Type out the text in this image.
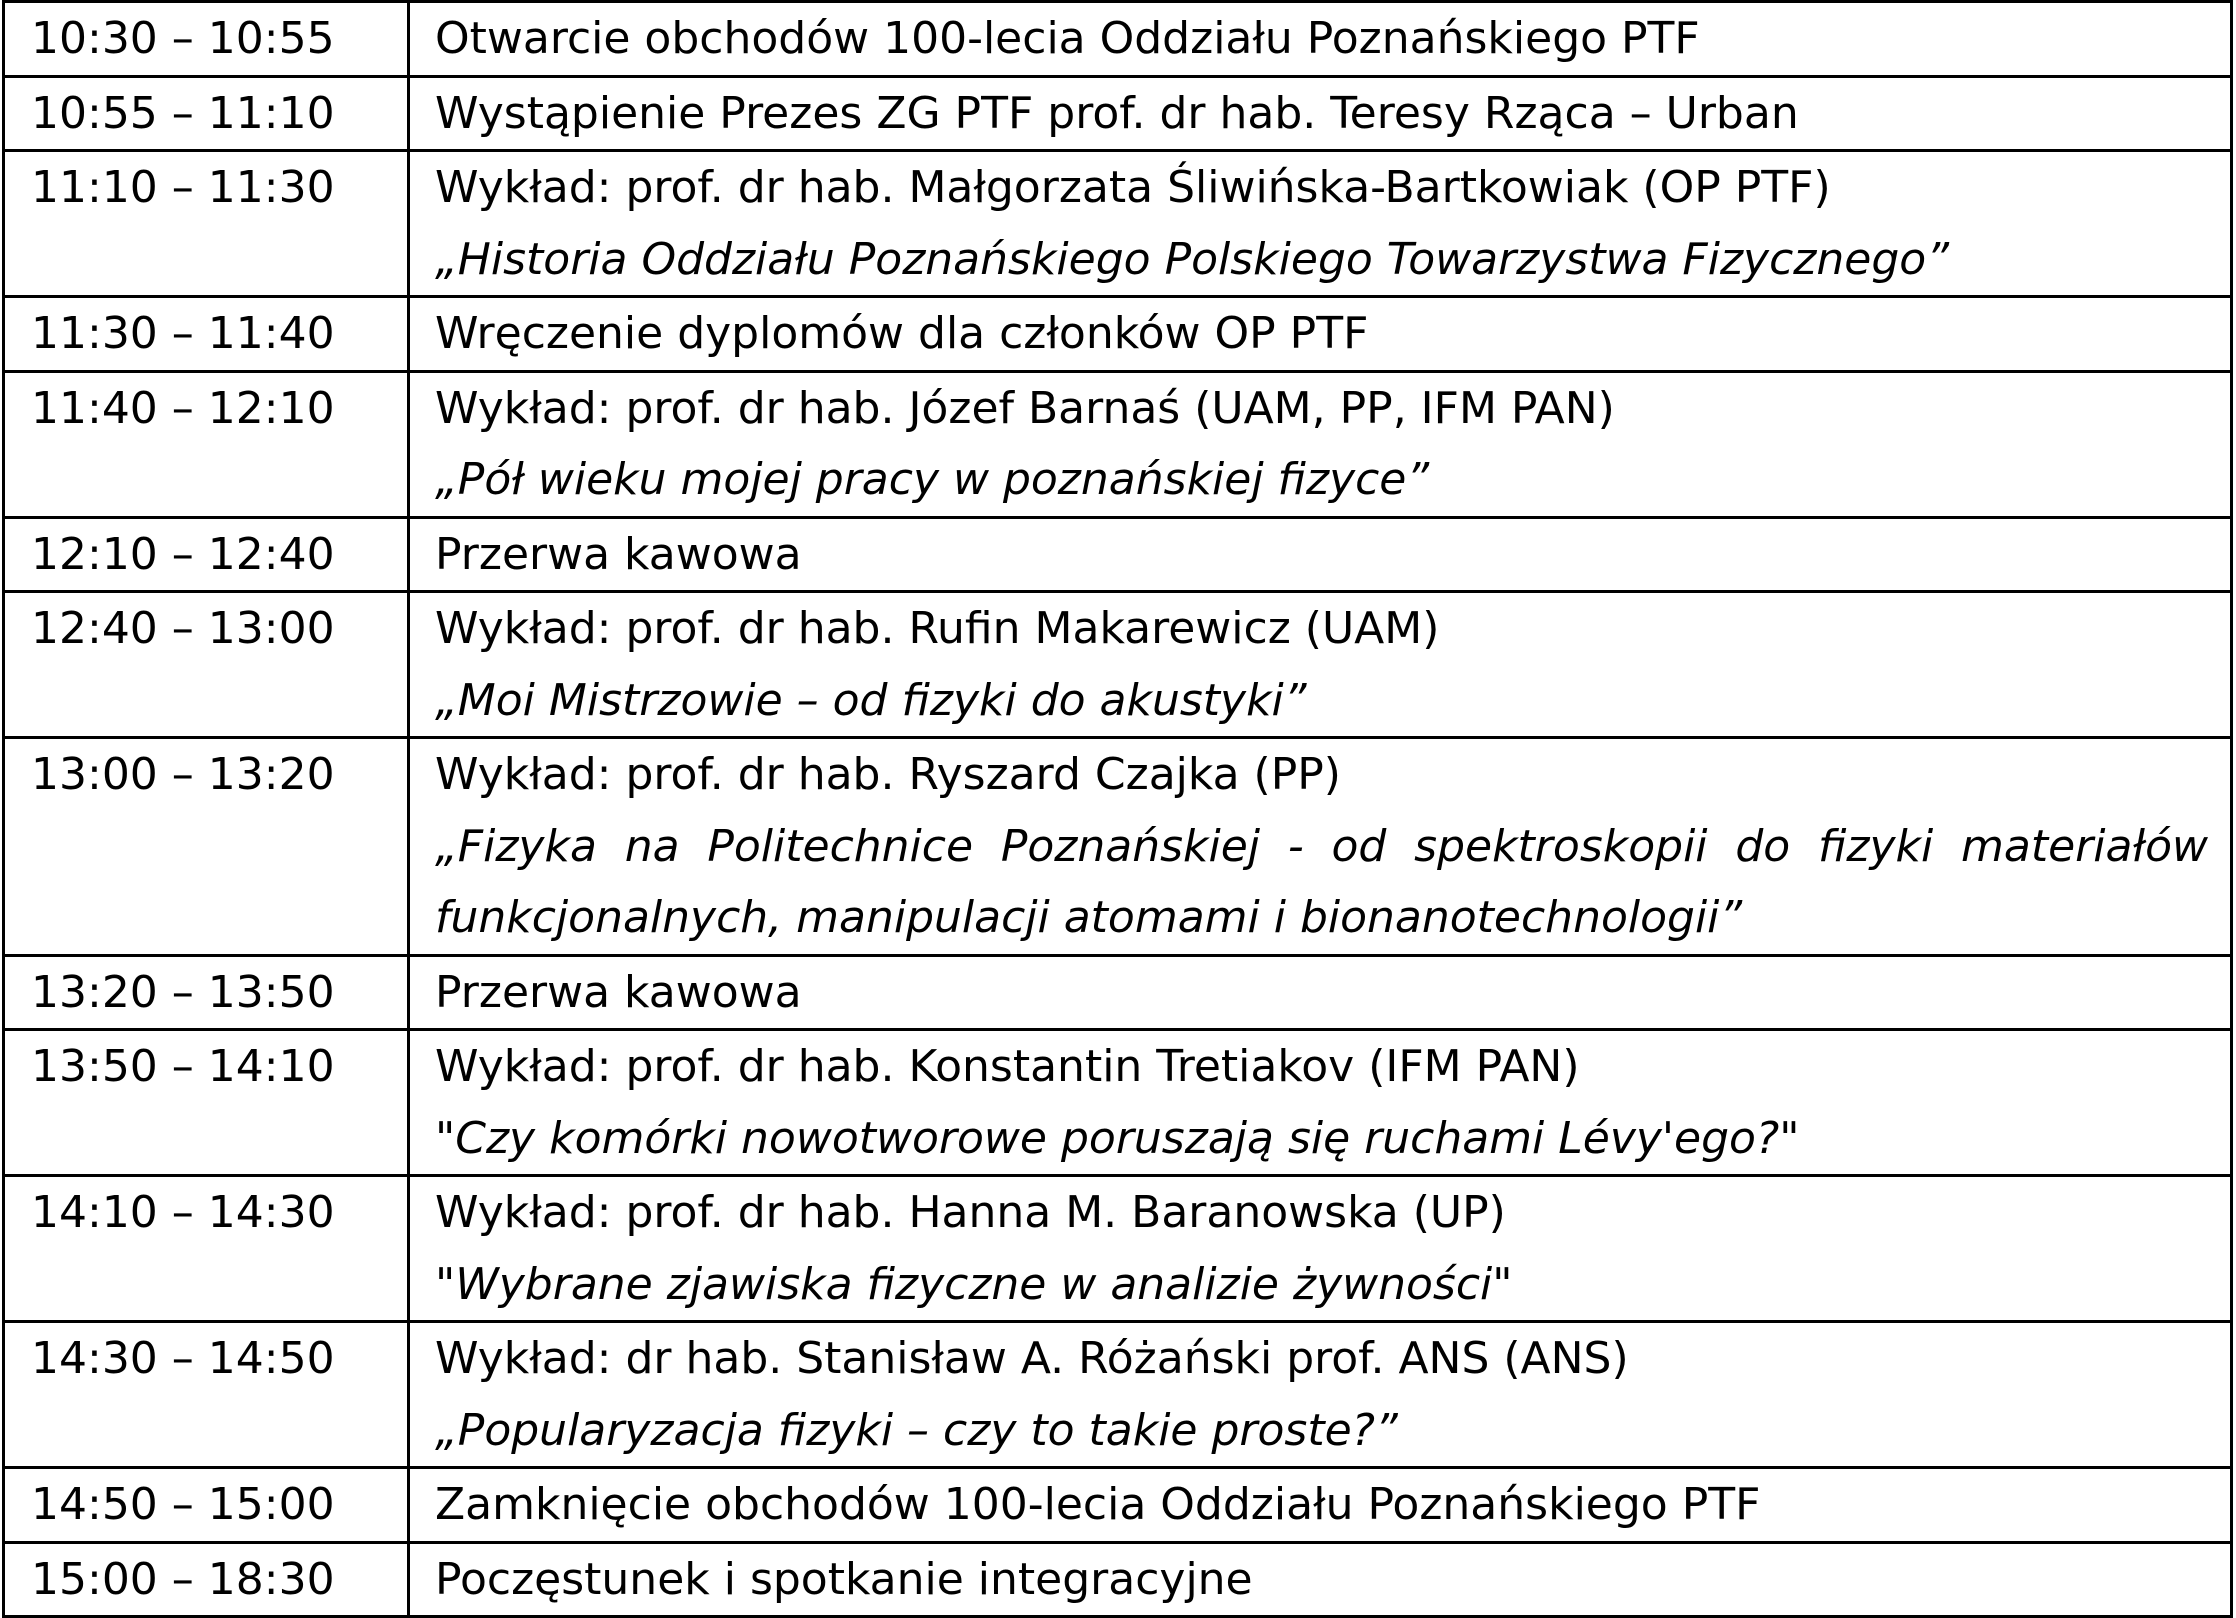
10:30 – 10:55	Otwarcie obchodów 100-lecia Oddziału Poznańskiego PTF

10:55 – 11:10	Wystąpienie Prezes ZG PTF prof. dr hab. Teresy Rząca – Urban

11:10 – 11:30	Wykład: prof. dr hab. Małgorzata Śliwińska-Bartkowiak (OP PTF)
„Historia Oddziału Poznańskiego Polskiego Towarzystwa Fizycznego”

11:30 – 11:40	Wręczenie dyplomów dla członków OP PTF

11:40 – 12:10	Wykład: prof. dr hab. Józef Barnaś (UAM, PP, IFM PAN)
„Pół wieku mojej pracy w poznańskiej fizyce”

12:10 – 12:40	Przerwa kawowa

12:40 – 13:00	Wykład: prof. dr hab. Rufin Makarewicz (UAM)
„Moi Mistrzowie – od fizyki do akustyki”

13:00 – 13:20	Wykład: prof. dr hab. Ryszard Czajka (PP)
„Fizyka na Politechnice Poznańskiej - od spektroskopii do fizyki materiałów funkcjonalnych, manipulacji atomami i bionanotechnologii”

13:20 – 13:50	Przerwa kawowa

13:50 – 14:10	Wykład: prof. dr hab. Konstantin Tretiakov (IFM PAN)
"Czy komórki nowotworowe poruszają się ruchami Lévy'ego?"

14:10 – 14:30	Wykład: prof. dr hab. Hanna M. Baranowska (UP)
"Wybrane zjawiska fizyczne w analizie żywności"

14:30 – 14:50	Wykład: dr hab. Stanisław A. Różański prof. ANS (ANS)
„Popularyzacja fizyki – czy to takie proste?”

14:50 – 15:00	Zamknięcie obchodów 100-lecia Oddziału Poznańskiego PTF

15:00 – 18:30	Poczęstunek i spotkanie integracyjne
